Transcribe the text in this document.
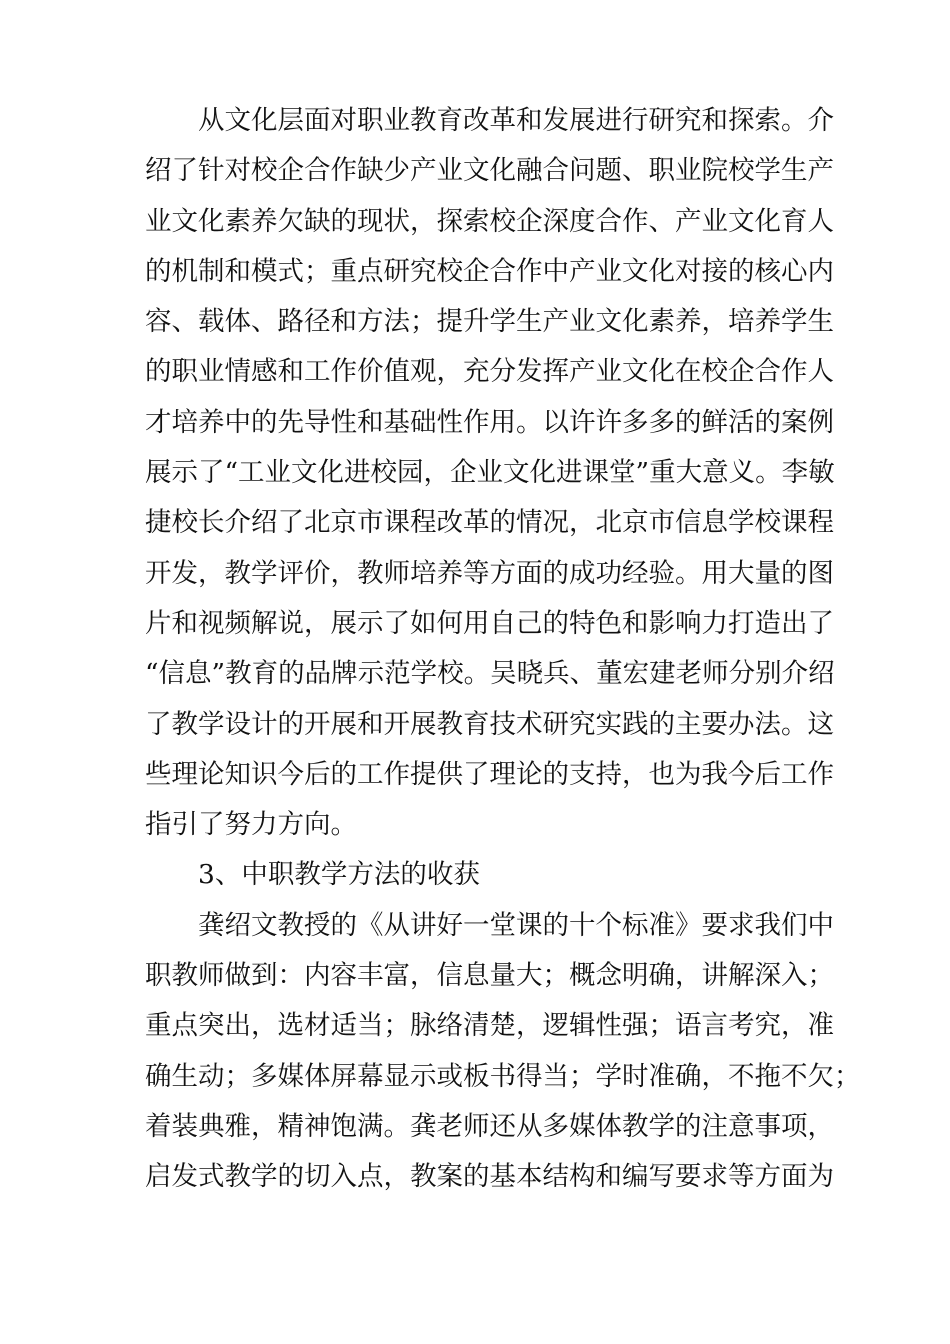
从文化层面对职业教育改革和发展进行研究和探索。介
绍了针对校企合作缺少产业文化融合问题、职业院校学生产
业文化素养欠缺的现状，探索校企深度合作、产业文化育人
的机制和模式；重点研究校企合作中产业文化对接的核心内
容、载体、路径和方法；提升学生产业文化素养，培养学生
的职业情感和工作价值观，充分发挥产业文化在校企合作人
才培养中的先导性和基础性作用。以许许多多的鲜活的案例
展示了“工业文化进校园，企业文化进课堂”重大意义。李敏
捷校长介绍了北京市课程改革的情况，北京市信息学校课程
开发，教学评价，教师培养等方面的成功经验。用大量的图
片和视频解说，展示了如何用自己的特色和影响力打造出了
“信息”教育的品牌示范学校。吴晓兵、董宏建老师分别介绍
了教学设计的开展和开展教育技术研究实践的主要办法。这
些理论知识今后的工作提供了理论的支持，也为我今后工作
指引了努力方向。
3、中职教学方法的收获
龚绍文教授的《从讲好一堂课的十个标准》要求我们中
职教师做到：内容丰富，信息量大；概念明确，讲解深入；
重点突出，选材适当；脉络清楚，逻辑性强；语言考究，准
确生动；多媒体屏幕显示或板书得当；学时准确，不拖不欠；
着装典雅，精神饱满。龚老师还从多媒体教学的注意事项，
启发式教学的切入点，教案的基本结构和编写要求等方面为
